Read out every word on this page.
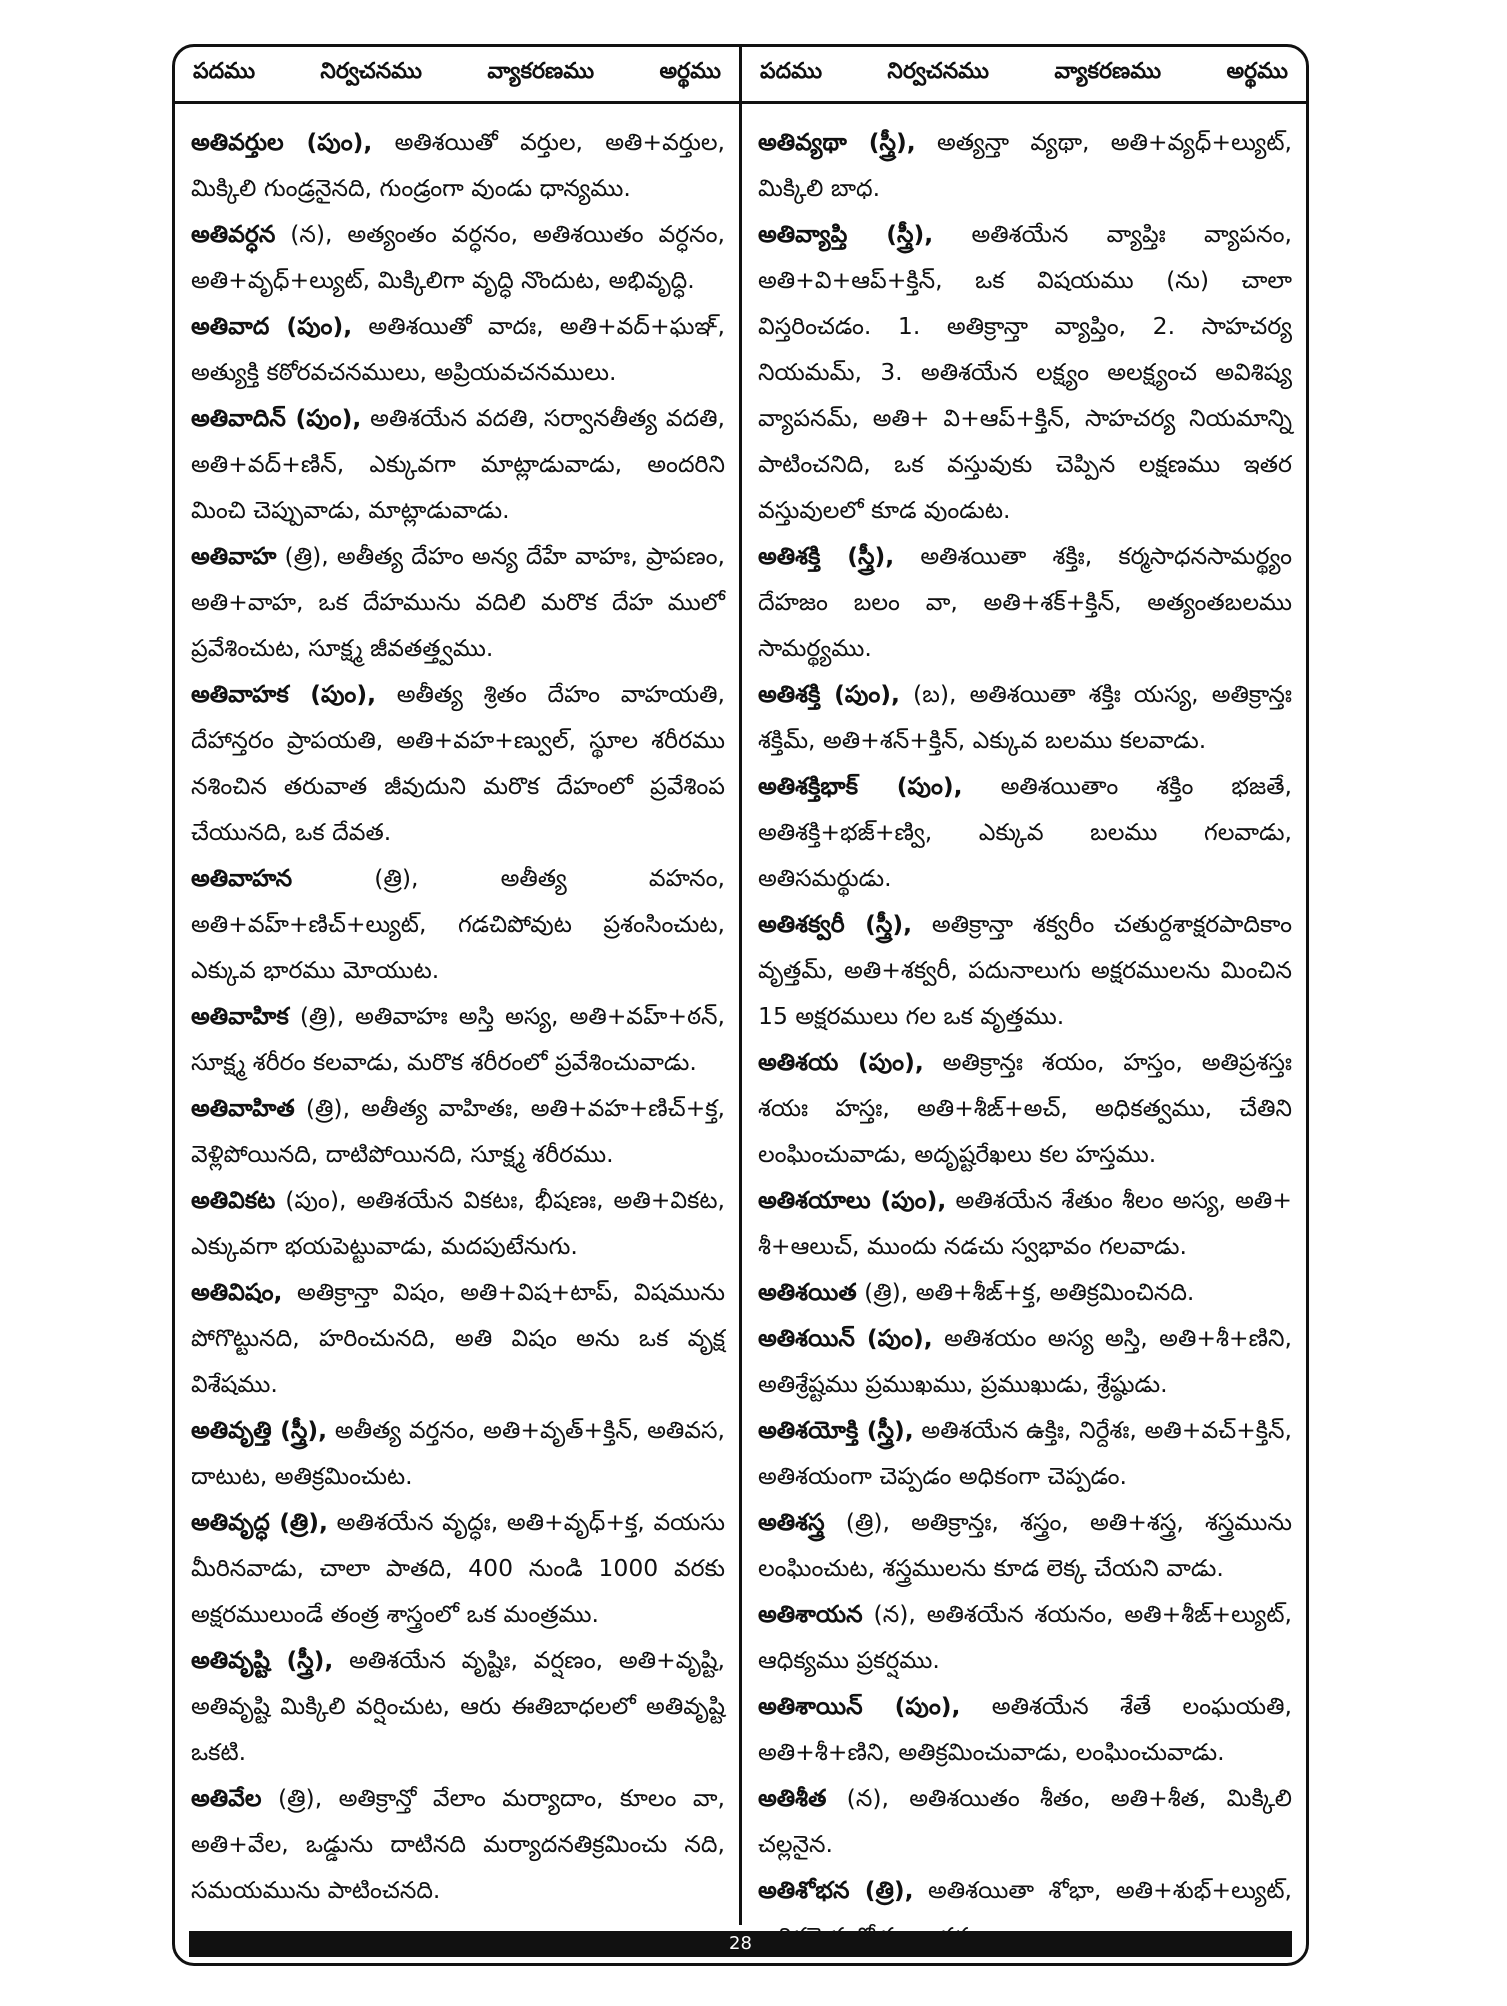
పదము	నిర్వచనము	వ్యాకరణము	అర్థము పదము	నిర్వచనము	వ్యాకరణము	అర్థము

అతివర్తుల (పుం), అతిశయితో వర్తుల, అతి+వర్తుల, మిక్కిలి గుండ్రనైనది, గుండ్రంగా వుండు ధాన్యము.

అతివర్ధన (న), అత్యంతం వర్ధనం, అతిశయితం వర్ధనం, అతి+వృధ్+ల్యుట్, మిక్కిలిగా వృద్ధి నొందుట, అభివృద్ధి.

అతివాద (పుం), అతిశయితో వాదః, అతి+వద్+ఘఞ్, అత్యుక్తి కఠోరవచనములు, అప్రియవచనములు.

అతివాదిన్ (పుం), అతిశయేన వదతి, సర్వానతీత్య వదతి, అతి+వద్+ణిన్, ఎక్కువగా మాట్లాడువాడు, అందరిని మించి చెప్పువాడు, మాట్లాడువాడు.

అతివాహ (త్రి), అతీత్య దేహం అన్య దేహే వాహః, ప్రాపణం, అతి+వాహ, ఒక దేహమును వదిలి మరొక దేహ ములో ప్రవేశించుట, సూక్ష్మ జీవతత్త్వము.

అతివాహక (పుం), అతీత్య శ్రితం దేహం వాహయతి, దేహాన్తరం ప్రాపయతి, అతి+వహ+ణ్వుల్, స్థూల శరీరము నశించిన తరువాత జీవుదుని మరొక దేహంలో ప్రవేశింప చేయునది, ఒక దేవత.

అతివాహన (త్రి), అతీత్య వహనం, అతి+వహ్+ణిచ్+ల్యుట్, గడచిపోవుట ప్రశంసించుట, ఎక్కువ భారము మోయుట.

అతివాహిక (త్రి), అతివాహః అస్తి అస్య, అతి+వహ్+ఠన్, సూక్ష్మ శరీరం కలవాడు, మరొక శరీరంలో ప్రవేశించువాడు.

అతివాహిత (త్రి), అతీత్య వాహితః, అతి+వహ+ణిచ్+క్త, వెళ్లిపోయినది, దాటిపోయినది, సూక్ష్మ శరీరము.

అతివికట (పుం), అతిశయేన వికటః, భీషణః, అతి+వికట, ఎక్కువగా భయపెట్టువాడు, మదపుటేనుగు.

అతివిషం, అతిక్రాన్తా విషం, అతి+విష+టాప్, విషమును పోగొట్టునది, హరించునది, అతి విషం అను ఒక వృక్ష విశేషము.

అతివృత్తి (స్త్రీ), అతీత్య వర్తనం, అతి+వృత్+క్తిన్, అతివస, దాటుట, అతిక్రమించుట.

అతివృద్ధ (త్రి), అతిశయేన వృద్ధః, అతి+వృధ్+క్త, వయసు మీరినవాడు, చాలా పాతది, 400 నుండి 1000 వరకు అక్షరములుండే తంత్ర శాస్త్రంలో ఒక మంత్రము.

అతివృష్టి (స్త్రీ), అతిశయేన వృష్టిః, వర్షణం, అతి+వృష్టి, అతివృష్టి మిక్కిలి వర్షించుట, ఆరు ఈతిబాధలలో అతివృష్టి ఒకటి.

అతివేల (త్రి), అతిక్రాన్తో వేలాం మర్యాదాం, కూలం వా, అతి+వేల, ఒడ్డును దాటినది మర్యాదనతిక్రమించు నది, సమయమును పాటించనది.

అతివ్యథా (స్త్రీ), అత్యన్తా వ్యథా, అతి+వ్యధ్+ల్యుట్, మిక్కిలి బాధ.

అతివ్యాప్తి (స్త్రీ), అతిశయేన వ్యాప్తిః వ్యాపనం, అతి+వి+ఆప్+క్తిన్, ఒక విషయము (ను) చాలా విస్తరించడం. 1. అతిక్రాన్తా వ్యాప్తిం, 2. సాహచర్య నియమమ్, 3. అతిశయేన లక్ష్యం అలక్ష్యంచ అవిశిష్య వ్యాపనమ్, అతి+ వి+ఆప్+క్తిన్, సాహచర్య నియమాన్ని పాటించనిది, ఒక వస్తువుకు చెప్పిన లక్షణము ఇతర వస్తువులలో కూడ వుండుట.

అతిశక్తి (స్త్రీ), అతిశయితా శక్తిః, కర్మసాధనసామర్థ్యం దేహజం బలం వా, అతి+శక్+క్తిన్, అత్యంతబలము సామర్థ్యము.

అతిశక్తి (పుం), (బ), అతిశయితా శక్తిః యస్య, అతిక్రాన్తః శక్తిమ్, అతి+శన్+క్తిన్, ఎక్కువ బలము కలవాడు.

అతిశక్తిభాక్ (పుం), అతిశయితాం శక్తిం భజతే, అతిశక్తి+భజ్+ణ్వి, ఎక్కువ బలము గలవాడు, అతిసమర్థుడు.

అతిశక్వరీ (స్త్రీ), అతిక్రాన్తా శక్వరీం చతుర్దశాక్షరపాదికాం వృత్తమ్, అతి+శక్వరీ, పదునాలుగు అక్షరములను మించిన 15 అక్షరములు గల ఒక వృత్తము.

అతిశయ (పుం), అతిక్రాన్తః శయం, హస్తం, అతిప్రశస్తః శయః హస్తః, అతి+శీఙ్+అచ్, అధికత్వము, చేతిని లంఘించువాడు, అదృష్టరేఖలు కల హస్తము.

అతిశయాలు (పుం), అతిశయేన శేతుం శీలం అస్య, అతి+ శీ+ఆలుచ్, ముందు నడచు స్వభావం గలవాడు.

అతిశయిత (త్రి), అతి+శీఙ్+క్త, అతిక్రమించినది.

అతిశయిన్ (పుం), అతిశయం అస్య అస్తి, అతి+శీ+ణిని, అతిశ్రేష్టము ప్రముఖము, ప్రముఖుడు, శ్రేష్ఠుడు.

అతిశయోక్తి (స్త్రీ), అతిశయేన ఉక్తిః, నిర్దేశః, అతి+వచ్+క్తిన్, అతిశయంగా చెప్పడం అధికంగా చెప్పడం.

అతిశస్త్ర (త్రి), అతిక్రాన్తః, శస్త్రం, అతి+శస్త్ర, శస్త్రమును లంఘించుట, శస్త్రములను కూడ లెక్క చేయని వాడు.

అతిశాయన (న), అతిశయేన శయనం, అతి+శీఙ్+ల్యుట్, ఆధిక్యము ప్రకర్షము.

అతిశాయిన్ (పుం), అతిశయేన శేతే లంఘయతి, అతి+శీ+ణిని, అతిక్రమించువాడు, లంఘించువాడు.

అతిశీత (న), అతిశయితం శీతం, అతి+శీత, మిక్కిలి చల్లనైన.

అతిశోభన (త్రి), అతిశయితా శోభా, అతి+శుభ్+ల్యుట్,

28
